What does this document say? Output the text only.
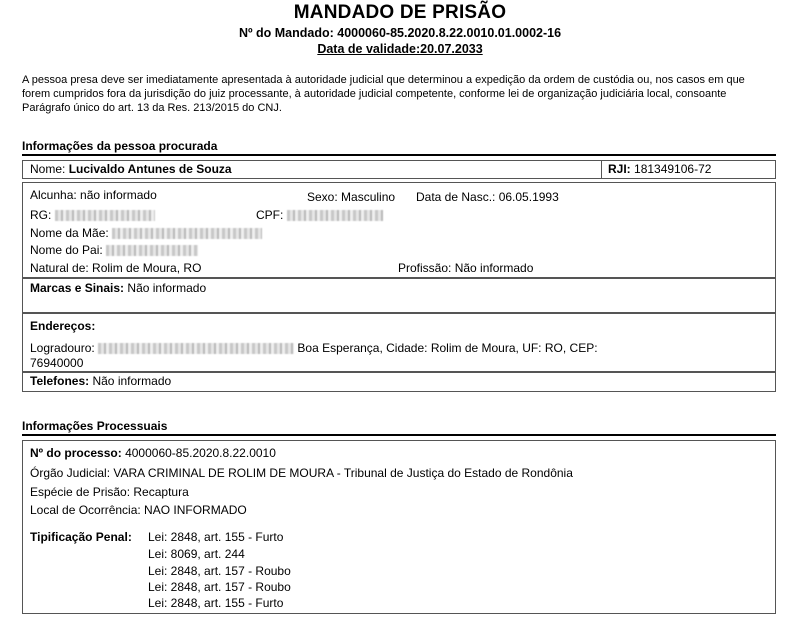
MANDADO DE PRISÃO
Nº do Mandado: 4000060-85.2020.8.22.0010.01.0002-16
Data de validade:20.07.2033
A pessoa presa deve ser imediatamente apresentada à autoridade judicial que determinou a expedição da ordem de custódia ou, nos casos em que forem cumpridos fora da jurisdição do juiz processante, à autoridade judicial competente, conforme lei de organização judiciária local, consoante Parágrafo único do art. 13 da Res. 213/2015 do CNJ.
Informações da pessoa procurada
Nome: Lucivaldo Antunes de Souza	RJI: 181349106-72
Alcunha: não informado	Sexo: Masculino Data de Nasc.: 06.05.1993
RG:	CPF:
Nome da Mãe:
Nome do Pai:
Natural de: Rolim de Moura, RO	Profissão: Não informado
Marcas e Sinais: Não informado
Endereços:
Logradouro:	Boa Esperança, Cidade: Rolim de Moura, UF: RO, CEP:
76940000
Telefones: Não informado
Informações Processuais
Nº do processo: 4000060-85.2020.8.22.0010
Órgão Judicial: VARA CRIMINAL DE ROLIM DE MOURA - Tribunal de Justiça do Estado de Rondônia
Espécie de Prisão: Recaptura
Local de Ocorrência: NAO INFORMADO
Tipificação Penal: Lei: 2848, art. 155 - Furto
Lei: 8069, art. 244
Lei: 2848, art. 157 - Roubo
Lei: 2848, art. 157 - Roubo
Lei: 2848, art. 155 - Furto
